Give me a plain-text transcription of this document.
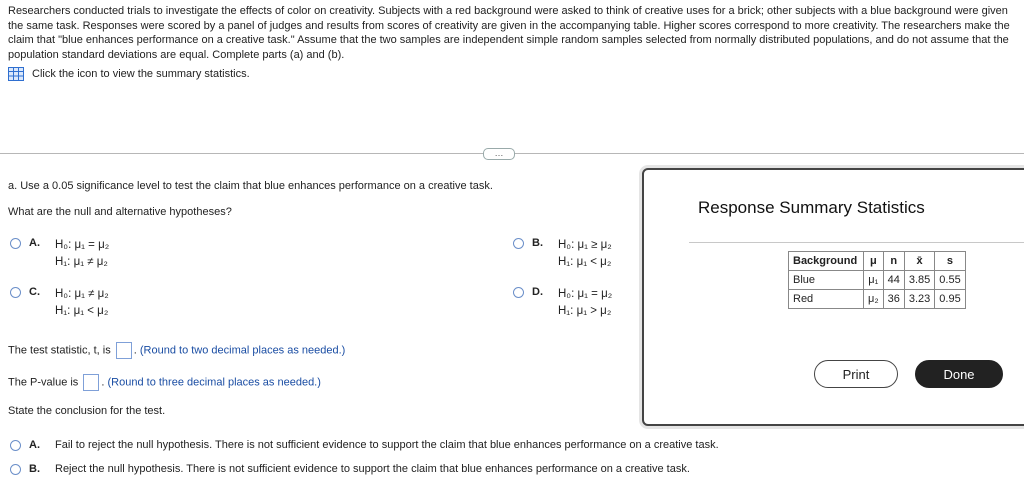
Researchers conducted trials to investigate the effects of color on creativity. Subjects with a red background were asked to think of creative uses for a brick; other subjects with a blue background were given the same task. Responses were scored by a panel of judges and results from scores of creativity are given in the accompanying table. Higher scores correspond to more creativity. The researchers make the claim that "blue enhances performance on a creative task." Assume that the two samples are independent simple random samples selected from normally distributed populations, and do not assume that the population standard deviations are equal. Complete parts (a) and (b).
Click the icon to view the summary statistics.
…
a. Use a 0.05 significance level to test the claim that blue enhances performance on a creative task.
What are the null and alternative hypotheses?
A.	H₀: μ₁ = μ₂
H₁: μ₁ ≠ μ₂
B.	H₀: μ₁ ≥ μ₂
H₁: μ₁ < μ₂
C.	H₀: μ₁ ≠ μ₂
H₁: μ₁ < μ₂
D.	H₀: μ₁ = μ₂
H₁: μ₁ > μ₂
The test statistic, t, is . (Round to two decimal places as needed.)
The P-value is . (Round to three decimal places as needed.)
State the conclusion for the test.
A.	Fail to reject the null hypothesis. There is not sufficient evidence to support the claim that blue enhances performance on a creative task.
B.	Reject the null hypothesis. There is not sufficient evidence to support the claim that blue enhances performance on a creative task.
Response Summary Statistics
Background	μ	n	x̄	s
Blue	μ₁	44	3.85	0.55
Red	μ₂	36	3.23	0.95
Print	Done
